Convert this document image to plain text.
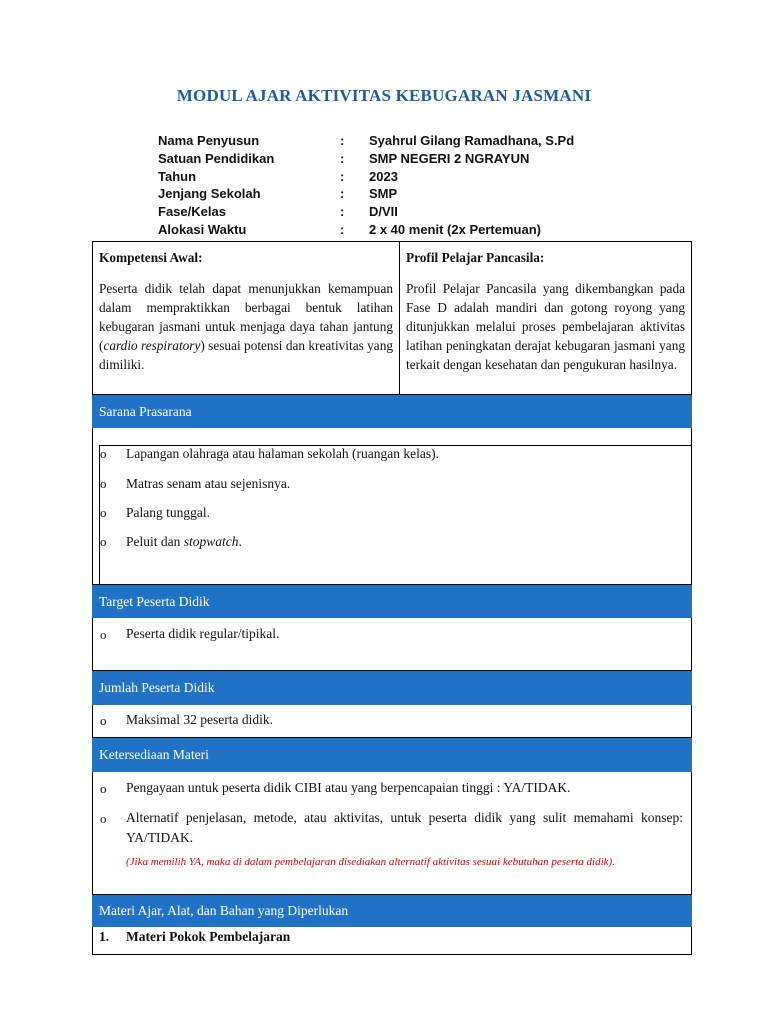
MODUL AJAR AKTIVITAS KEBUGARAN JASMANI
Nama Penyusun	: Syahrul Gilang Ramadhana, S.Pd
Satuan Pendidikan	: SMP NEGERI 2 NGRAYUN
Tahun	: 2023
Jenjang Sekolah	: SMP
Fase/Kelas	: D/VII
Alokasi Waktu	: 2 x 40 menit (2x Pertemuan)
Kompetensi Awal:

Peserta didik telah dapat menunjukkan kemampuan dalam mempraktikkan berbagai bentuk latihan kebugaran jasmani untuk menjaga daya tahan jantung (cardio respiratory) sesuai potensi dan kreativitas yang dimiliki.

Profil Pelajar Pancasila:

Profil Pelajar Pancasila yang dikembangkan pada Fase D adalah mandiri dan gotong royong yang ditunjukkan melalui proses pembelajaran aktivitas latihan peningkatan derajat kebugaran jasmani yang terkait dengan kesehatan dan pengukuran hasilnya.

Sarana Prasarana
o Lapangan olahraga atau halaman sekolah (ruangan kelas).
o Matras senam atau sejenisnya.
o Palang tunggal.
o Peluit dan stopwatch.
Target Peserta Didik
o Peserta didik regular/tipikal.
Jumlah Peserta Didik
o Maksimal 32 peserta didik.
Ketersediaan Materi
o Pengayaan untuk peserta didik CIBI atau yang berpencapaian tinggi : YA/TIDAK.
o Alternatif penjelasan, metode, atau aktivitas, untuk peserta didik yang sulit memahami konsep: YA/TIDAK.
(Jika memilih YA, maka di dalam pembelajaran disediakan alternatif aktivitas sesuai kebutuhan peserta didik).
Materi Ajar, Alat, dan Bahan yang Diperlukan
1. Materi Pokok Pembelajaran
